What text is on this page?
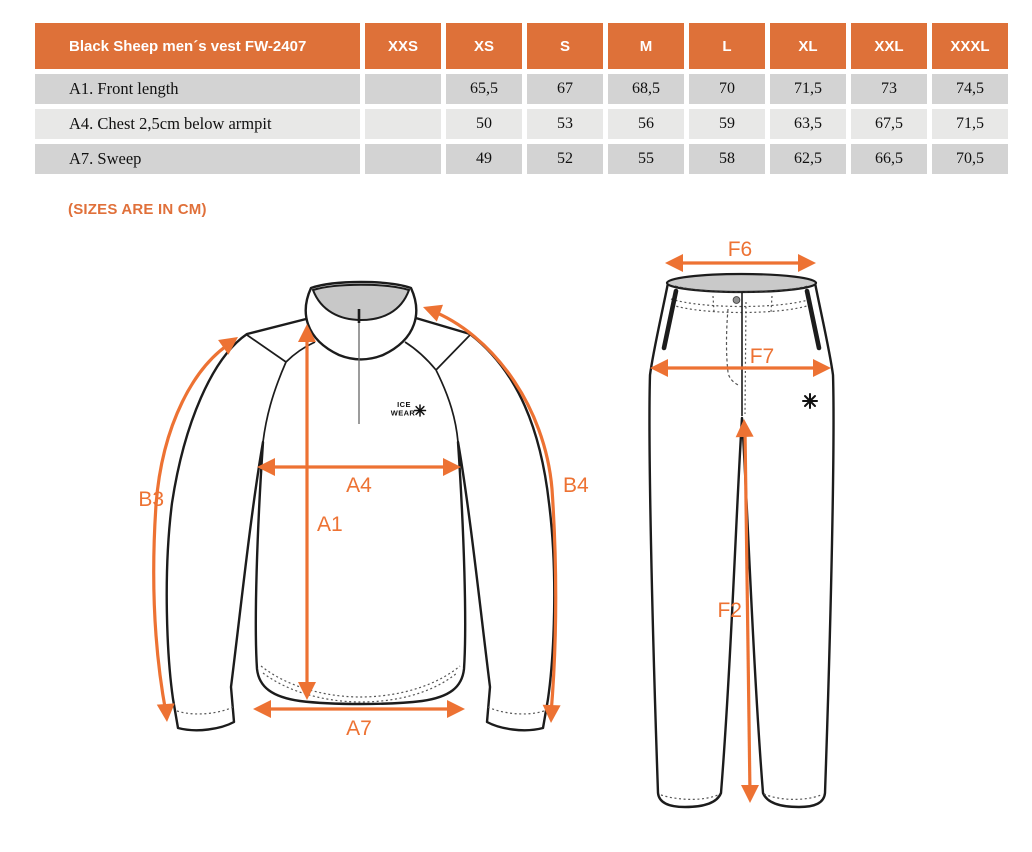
Black Sheep men´s vest FW-2407	XXS	XS	S	M	L	XL	XXL	XXXL
A1. Front length		65,5	67	68,5	70	71,5	73	74,5
A4. Chest 2,5cm below armpit		50	53	56	59	63,5	67,5	71,5
A7. Sweep		49	52	55	58	62,5	66,5	70,5
(SIZES ARE IN CM)
ICE
WEAR
A4
A1
A7
B3
B4
F6
F7
F2
